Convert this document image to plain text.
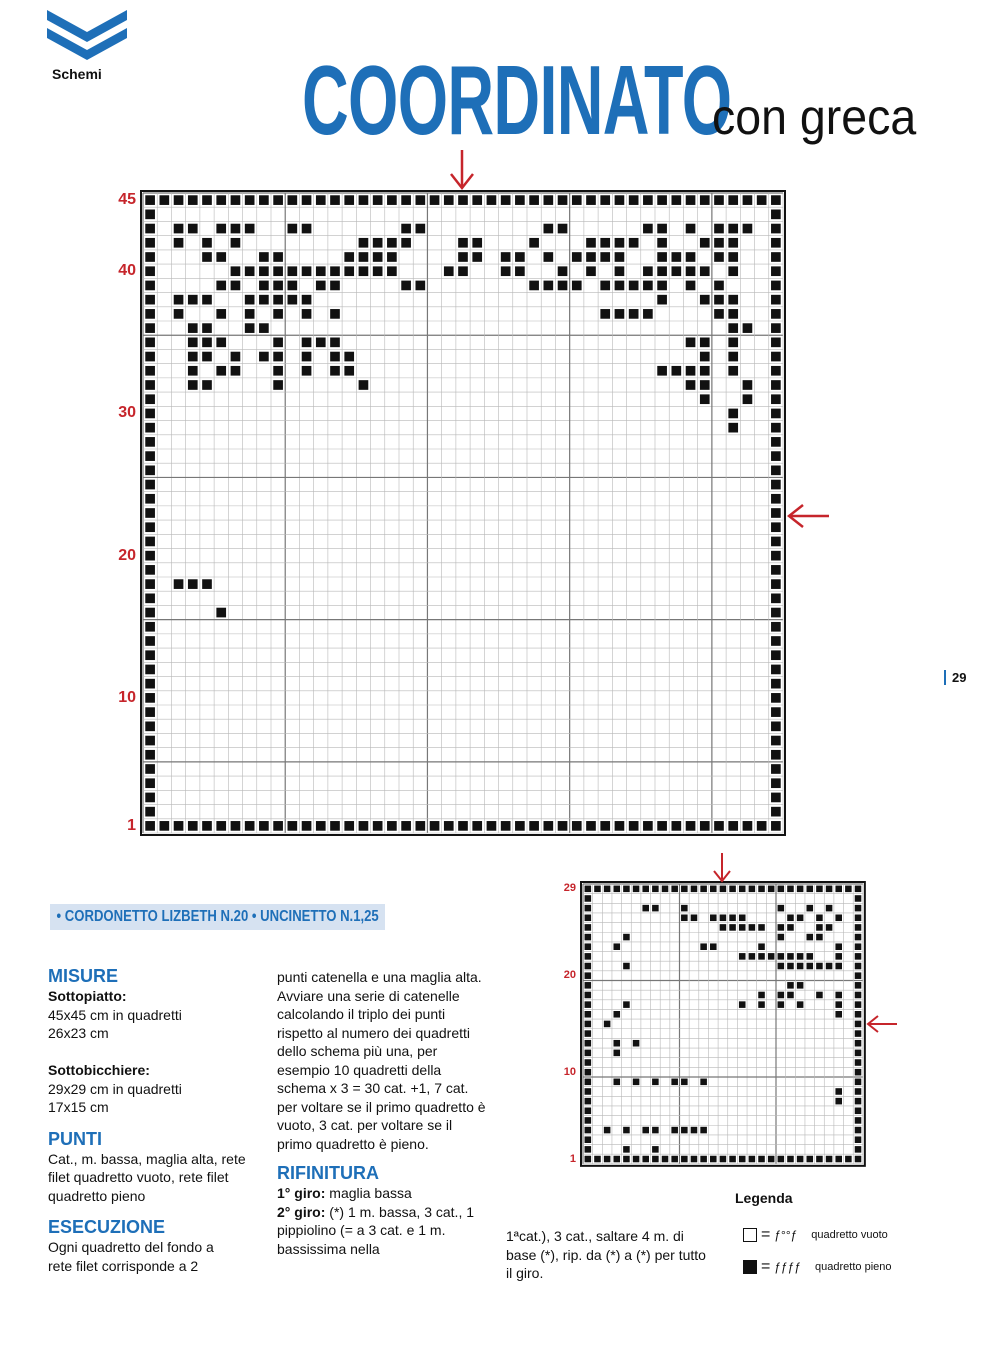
Schemi COORDINATO
con greca
45
40
30
20
10
1
29
29
20
10
1
• CORDONETTO LIZBETH N.20 • UNCINETTO N.1,25
MISURE
Sottopiatto:
45x45 cm in quadretti
26x23 cm

Sottobicchiere:
29x29 cm in quadretti
17x15 cm
PUNTI
Cat., m. bassa, maglia alta, rete filet quadretto vuoto, rete filet quadretto pieno
ESECUZIONE
Ogni quadretto del fondo a rete filet corrisponde a 2
punti catenella e una maglia alta. Avviare una serie di catenelle calcolando il triplo dei punti rispetto al numero dei quadretti dello schema più una, per esempio 10 quadretti della schema x 3 = 30 cat. +1, 7 cat. per voltare se il primo quadretto è vuoto, 3 cat. per voltare se il primo quadretto è pieno.
RIFINITURA
1° giro: maglia bassa
2° giro: (*) 1 m. bassa, 3 cat., 1 pippiolino (= a 3 cat. e 1 m. bassissima nella
1ªcat.), 3 cat., saltare 4 m. di base (*), rip. da (*) a (*) per tutto il giro.
Legenda
= ƒ°°ƒ quadretto vuoto
= ƒƒƒƒ quadretto pieno
